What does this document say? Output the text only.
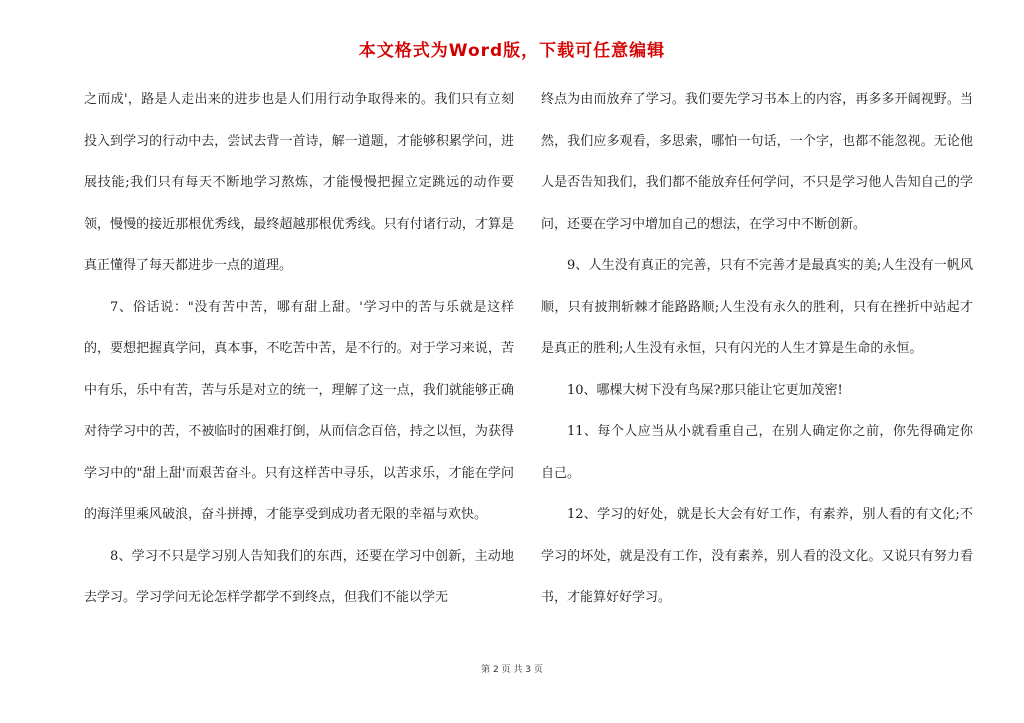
本文格式为Word版，下载可任意编辑

之而成'，路是人走出来的进步也是人们用行动争取得来的。我们只有立刻投入到学习的行动中去，尝试去背一首诗，解一道题，才能够积累学问，进展技能;我们只有每天不断地学习熬炼，才能慢慢把握立定跳远的动作要领，慢慢的接近那根优秀线，最终超越那根优秀线。只有付诸行动，才算是真正懂得了每天都进步一点的道理。

7、俗话说："没有苦中苦，哪有甜上甜。'学习中的苦与乐就是这样的，要想把握真学问，真本事，不吃苦中苦，是不行的。对于学习来说，苦中有乐，乐中有苦，苦与乐是对立的统一，理解了这一点，我们就能够正确对待学习中的苦，不被临时的困难打倒，从而信念百倍，持之以恒，为获得学习中的"甜上甜'而艰苦奋斗。只有这样苦中寻乐，以苦求乐，才能在学问的海洋里乘风破浪，奋斗拼搏，才能享受到成功者无限的幸福与欢快。

8、学习不只是学习别人告知我们的东西，还要在学习中创新，主动地去学习。学习学问无论怎样学都学不到终点，但我们不能以学无

终点为由而放弃了学习。我们要先学习书本上的内容，再多多开阔视野。当然，我们应多观看，多思索，哪怕一句话，一个字，也都不能忽视。无论他人是否告知我们，我们都不能放弃任何学问，不只是学习他人告知自己的学问，还要在学习中增加自己的想法，在学习中不断创新。

9、人生没有真正的完善，只有不完善才是最真实的美;人生没有一帆风顺，只有披荆斩棘才能路路顺;人生没有永久的胜利，只有在挫折中站起才是真正的胜利;人生没有永恒，只有闪光的人生才算是生命的永恒。

10、哪棵大树下没有鸟屎?那只能让它更加茂密!

11、每个人应当从小就看重自己，在别人确定你之前，你先得确定你自己。

12、学习的好处，就是长大会有好工作，有素养，别人看的有文化;不学习的坏处，就是没有工作，没有素养，别人看的没文化。又说只有努力看书，才能算好好学习。

第 2 页 共 3 页
